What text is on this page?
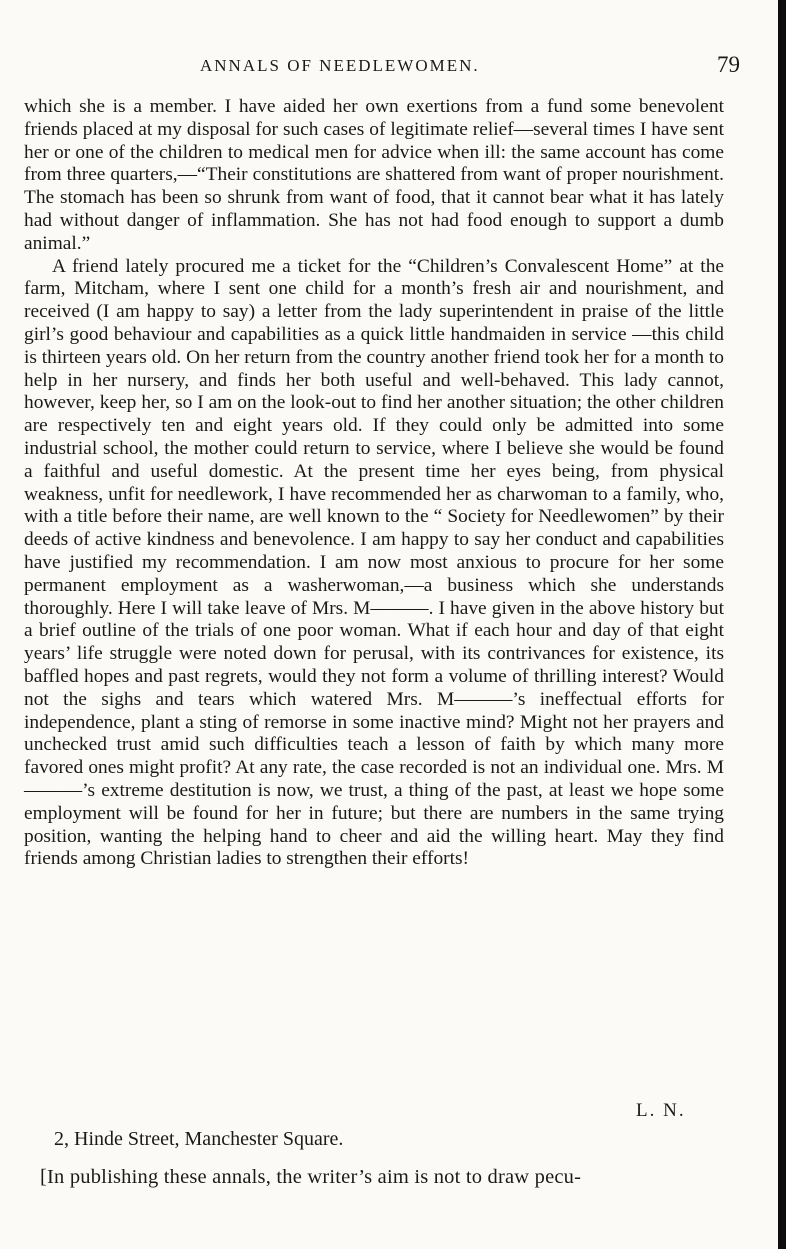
ANNALS OF NEEDLEWOMEN.	79

which she is a member. I have aided her own exertions from a fund some benevolent friends placed at my disposal for such cases of legitimate relief—several times I have sent her or one of the children to medical men for advice when ill: the same account has come from three quarters,—“Their constitutions are shattered from want of proper nourishment. The stomach has been so shrunk from want of food, that it cannot bear what it has lately had without danger of inflammation. She has not had food enough to support a dumb animal.”

A friend lately procured me a ticket for the “Children’s Convalescent Home” at the farm, Mitcham, where I sent one child for a month’s fresh air and nourishment, and received (I am happy to say) a letter from the lady superintendent in praise of the little girl’s good behaviour and capabilities as a quick little handmaiden in service —this child is thirteen years old. On her return from the country another friend took her for a month to help in her nursery, and finds her both useful and well-behaved. This lady cannot, however, keep her, so I am on the look-out to find her another situation; the other children are respectively ten and eight years old. If they could only be admitted into some industrial school, the mother could return to service, where I believe she would be found a faithful and useful domestic. At the present time her eyes being, from physical weakness, unfit for needlework, I have recommended her as charwoman to a family, who, with a title before their name, are well known to the “ Society for Needlewomen” by their deeds of active kindness and benevolence. I am happy to say her conduct and capabilities have justified my recommendation. I am now most anxious to procure for her some permanent employment as a washerwoman,—a business which she understands thoroughly. Here I will take leave of Mrs. M———. I have given in the above history but a brief outline of the trials of one poor woman. What if each hour and day of that eight years’ life struggle were noted down for perusal, with its contrivances for existence, its baffled hopes and past regrets, would they not form a volume of thrilling interest? Would not the sighs and tears which watered Mrs. M———’s ineffectual efforts for independence, plant a sting of remorse in some inactive mind? Might not her prayers and unchecked trust amid such difficulties teach a lesson of faith by which many more favored ones might profit? At any rate, the case recorded is not an individual one. Mrs. M———’s extreme destitution is now, we trust, a thing of the past, at least we hope some employment will be found for her in future; but there are numbers in the same trying position, wanting the helping hand to cheer and aid the willing heart. May they find friends among Christian ladies to strengthen their efforts!

L. N.
2, Hinde Street, Manchester Square.
[In publishing these annals, the writer’s aim is not to draw pecu-
